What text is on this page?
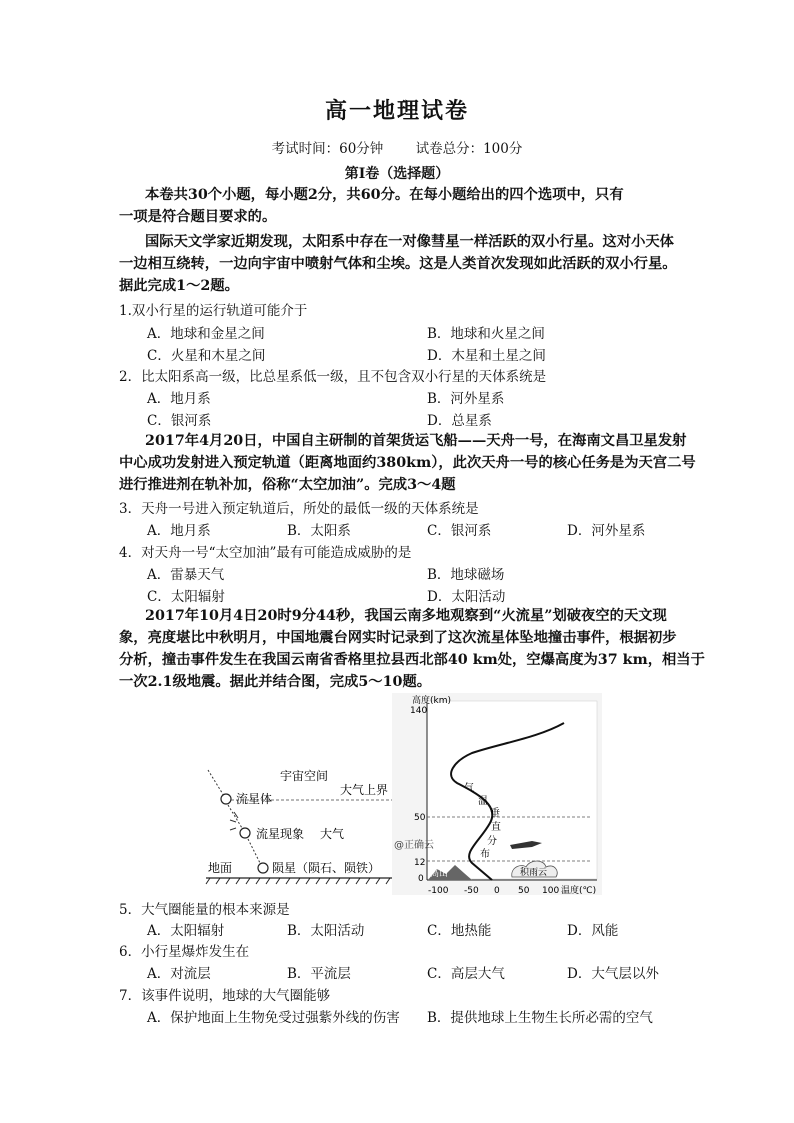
高一地理试卷
考试时间：60分钟 试卷总分：100分
第Ⅰ卷（选择题）
本卷共30个小题，每小题2分，共60分。在每小题给出的四个选项中，只有
一项是符合题目要求的。
国际天文学家近期发现，太阳系中存在一对像彗星一样活跃的双小行星。这对小天体
一边相互绕转，一边向宇宙中喷射气体和尘埃。这是人类首次发现如此活跃的双小行星。
据此完成1～2题。
1.双小行星的运行轨道可能介于
A．地球和金星之间	B．地球和火星之间
C．火星和木星之间	D．木星和土星之间
2．比太阳系高一级，比总星系低一级，且不包含双小行星的天体系统是
A．地月系	B．河外星系
C．银河系	D．总星系
2017年4月20日，中国自主研制的首架货运飞船——天舟一号，在海南文昌卫星发射
中心成功发射进入预定轨道（距离地面约380km），此次天舟一号的核心任务是为天宫二号
进行推进剂在轨补加，俗称“太空加油”。完成3～4题
3．天舟一号进入预定轨道后，所处的最低一级的天体系统是
A．地月系	B．太阳系	C．银河系	D．河外星系
4．对天舟一号“太空加油”最有可能造成威胁的是
A．雷暴天气	B．地球磁场
C．太阳辐射	D．太阳活动
2017年10月4日20时9分44秒，我国云南多地观察到“火流星”划破夜空的天文现
象，亮度堪比中秋明月，中国地震台网实时记录到了这次流星体坠地撞击事件，根据初步
分析，撞击事件发生在我国云南省香格里拉县西北部40 km处，空爆高度为37 km，相当于
一次2.1级地震。据此并结合图，完成5～10题。
宇宙空间
流星体
大气上界
流星现象 大气
地面	陨星（陨石、陨铁）
高度(km)
140
50
12
0
-100 -50 0 50 100 温度(℃)
气
温
垂
直
分
布
高山	积雨云
@正确云
5．大气圈能量的根本来源是
A．太阳辐射	B．太阳活动	C．地热能	D．风能
6．小行星爆炸发生在
A．对流层	B．平流层	C．高层大气	D．大气层以外
7．该事件说明，地球的大气圈能够
A．保护地面上生物免受过强紫外线的伤害 B．提供地球上生物生长所必需的空气
